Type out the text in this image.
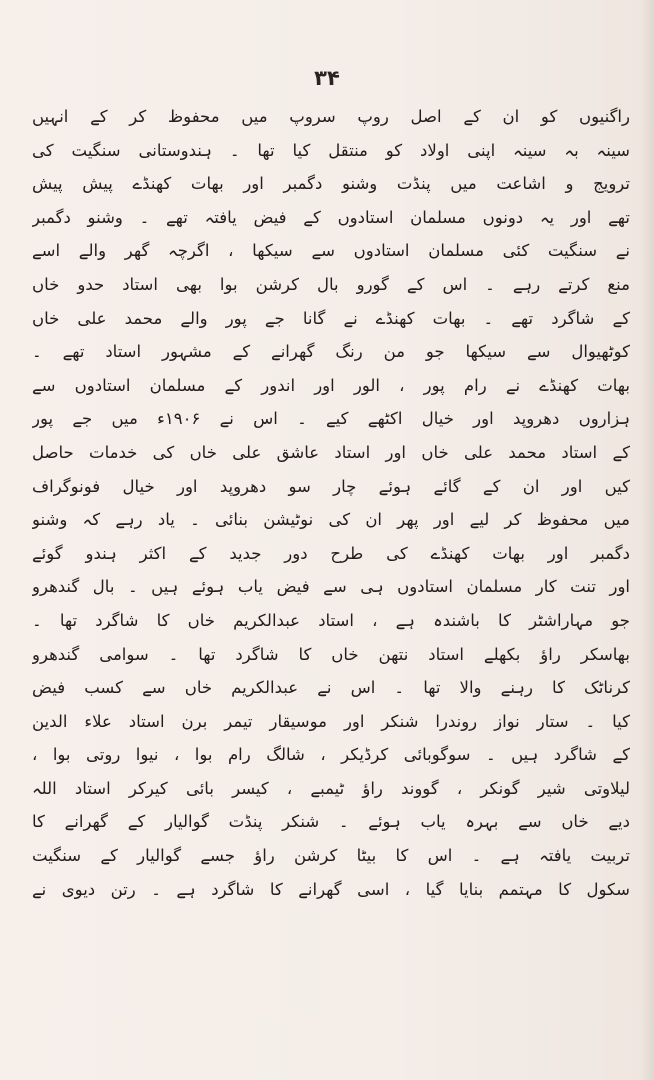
۳۴
راگنیوں کو ان کے اصل روپ سروپ میں محفوظ کر کے انہیں
سینہ بہ سینہ اپنی اولاد کو منتقل کیا تھا ۔ ہندوستانی سنگیت کی
ترویج و اشاعت میں پنڈت وشنو دگمبر اور بھات کھنڈے پیش پیش
تھے اور یہ دونوں مسلمان استادوں کے فیض یافتہ تھے ۔ وشنو دگمبر
نے سنگیت کئی مسلمان استادوں سے سیکھا ، اگرچہ گھر والے اسے
منع کرتے رہے ۔ اس کے گورو بال کرشن بوا بھی استاد حدو خاں
کے شاگرد تھے ۔ بھات کھنڈے نے گانا جے پور والے محمد علی خاں
کوٹھیوال سے سیکھا جو من رنگ گھرانے کے مشہور استاد تھے ۔
بھات کھنڈے نے رام پور ، الور اور اندور کے مسلمان استادوں سے
ہزاروں دھروپد اور خیال اکٹھے کیے ۔ اس نے ۱۹۰۶ء میں جے پور
کے استاد محمد علی خاں اور استاد عاشق علی خاں کی خدمات حاصل
کیں اور ان کے گائے ہوئے چار سو دھروپد اور خیال فونوگراف
میں محفوظ کر لیے اور پھر ان کی نوٹیشن بنائی ۔ یاد رہے کہ وشنو
دگمبر اور بھات کھنڈے کی طرح دور جدید کے اکثر ہندو گوئے
اور تنت کار مسلمان استادوں ہی سے فیض یاب ہوئے ہیں ۔ بال گندھرو
جو مہاراشٹر کا باشندہ ہے ، استاد عبدالکریم خاں کا شاگرد تھا ۔
بھاسکر راؤ بکھلے استاد نتھن خاں کا شاگرد تھا ۔ سوامی گندھرو
کرناٹک کا رہنے والا تھا ۔ اس نے عبدالکریم خاں سے کسب فیض
کیا ۔ ستار نواز روندرا شنکر اور موسیقار تیمر برن استاد علاء الدین
کے شاگرد ہیں ۔ سوگوبائی کرڈیکر ، شالگ رام بوا ، نیوا روتی بوا ،
لیلاوتی شیر گونکر ، گووند راؤ ٹیمبے ، کیسر بائی کیرکر استاد اللہ
دیے خاں سے بہرہ یاب ہوئے ۔ شنکر پنڈت گوالیار کے گھرانے کا
تربیت یافتہ ہے ۔ اس کا بیٹا کرشن راؤ جسے گوالیار کے سنگیت
سکول کا مہتمم بنایا گیا ، اسی گھرانے کا شاگرد ہے ۔ رتن دیوی نے
